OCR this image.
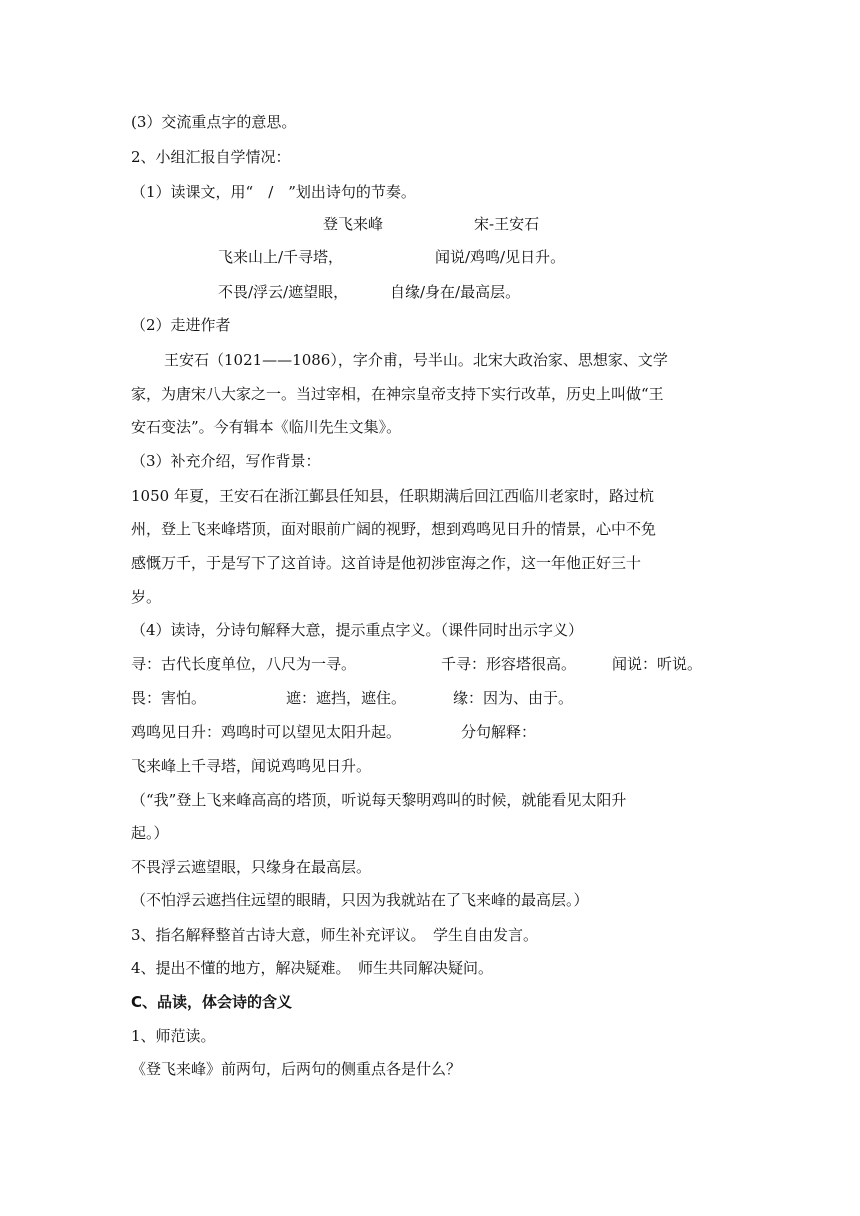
(3）交流重点字的意思。
2、小组汇报自学情况：
（1）读课文，用“　/　”划出诗句的节奏。
登飞来峰	宋-王安石
飞来山上/千寻塔，	闻说/鸡鸣/见日升。
不畏/浮云/遮望眼，	自缘/身在/最高层。
（2）走进作者
王安石（1021——1086），字介甫，号半山。北宋大政治家、思想家、文学
家，为唐宋八大家之一。当过宰相，在神宗皇帝支持下实行改革，历史上叫做“王
安石变法”。今有辑本《临川先生文集》。
（3）补充介绍，写作背景：
1050 年夏，王安石在浙江鄞县任知县，任职期满后回江西临川老家时，路过杭
州，登上飞来峰塔顶，面对眼前广阔的视野，想到鸡鸣见日升的情景，心中不免
感慨万千，于是写下了这首诗。这首诗是他初涉宦海之作，这一年他正好三十
岁。
（4）读诗，分诗句解释大意，提示重点字义。（课件同时出示字义）
寻：古代长度单位，八尺为一寻。	千寻：形容塔很高。 闻说：听说。
畏：害怕。	遮：遮挡，遮住。	缘：因为、由于。
鸡鸣见日升：鸡鸣时可以望见太阳升起。	分句解释：
飞来峰上千寻塔，闻说鸡鸣见日升。
（“我”登上飞来峰高高的塔顶，听说每天黎明鸡叫的时候，就能看见太阳升
起。）
不畏浮云遮望眼，只缘身在最高层。
（不怕浮云遮挡住远望的眼睛，只因为我就站在了飞来峰的最高层。）
3、指名解释整首古诗大意，师生补充评议。　学生自由发言。
4、提出不懂的地方，解决疑难。　师生共同解决疑问。
C、品读，体会诗的含义
1、师范读。
《登飞来峰》前两句，后两句的侧重点各是什么？
